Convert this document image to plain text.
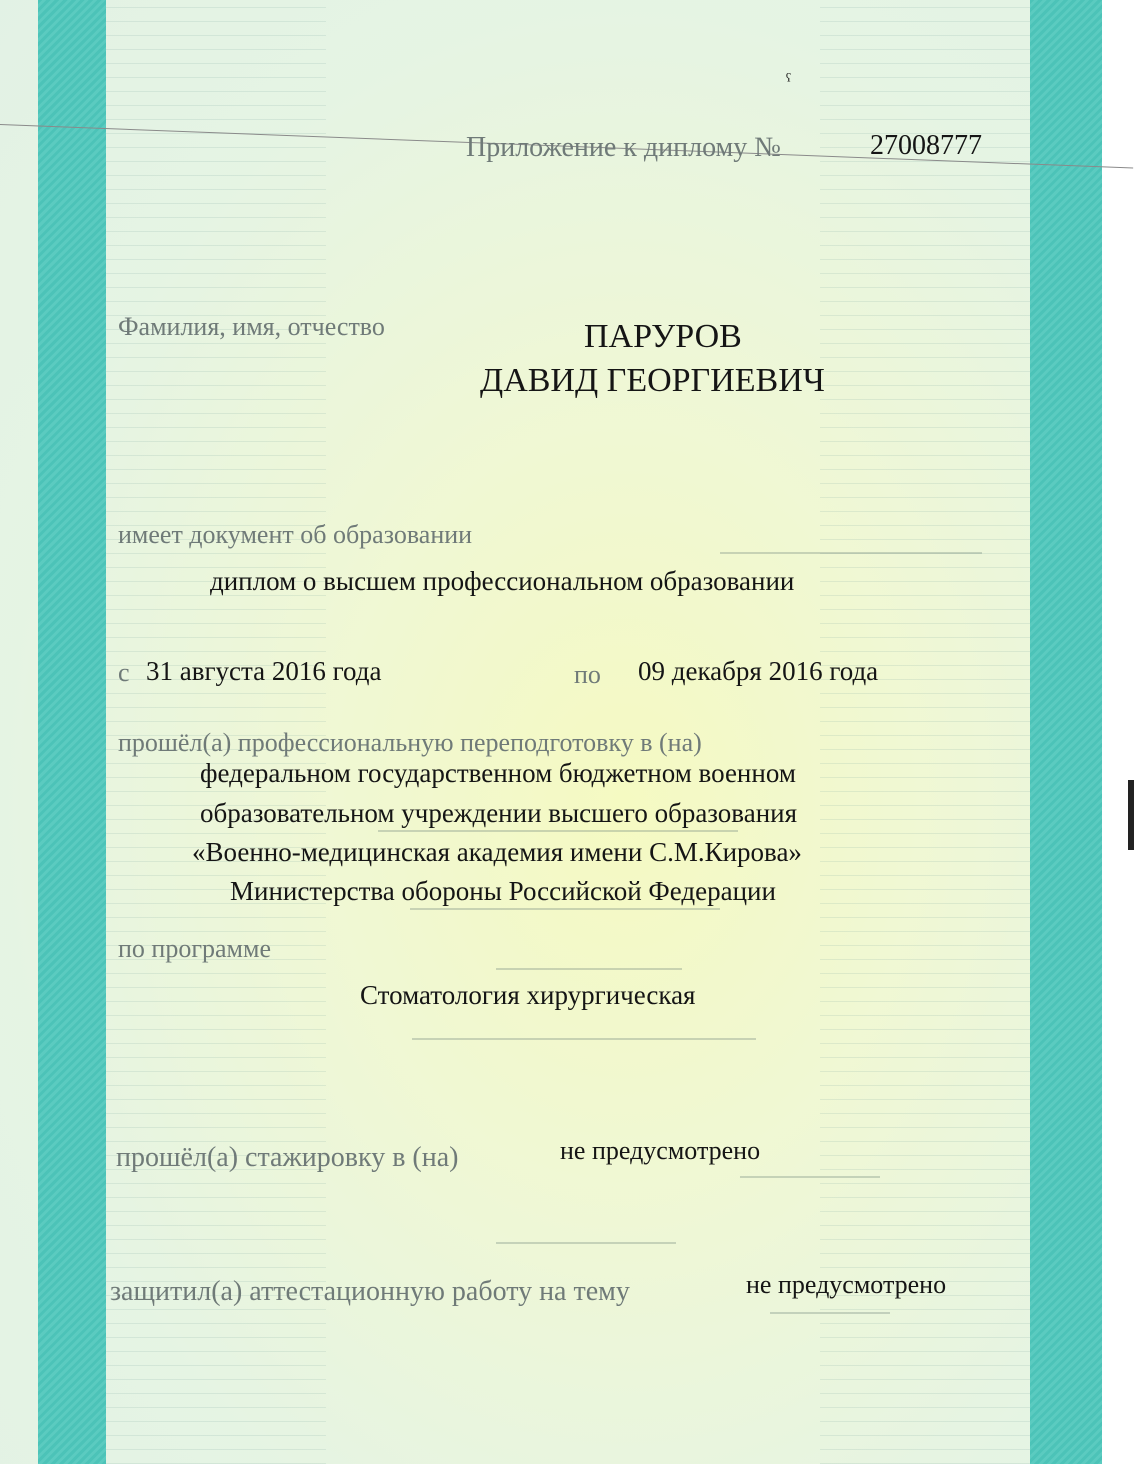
ˁ
Приложение к диплому №	27008777
Фамилия, имя, отчество	ПАРУРОВ
ДАВИД ГЕОРГИЕВИЧ
имеет документ об образовании
диплом о высшем профессиональном образовании
с 31 августа 2016 года	по 09 декабря 2016 года
прошёл(а) профессиональную переподготовку в (на)
федеральном государственном бюджетном военном
образовательном учреждении высшего образования
«Военно-медицинская академия имени С.М.Кирова»
Министерства обороны Российской Федерации
по программе
Стоматология хирургическая
прошёл(а) стажировку в (на)	не предусмотрено
защитил(а) аттестационную работу на тему	не предусмотрено
